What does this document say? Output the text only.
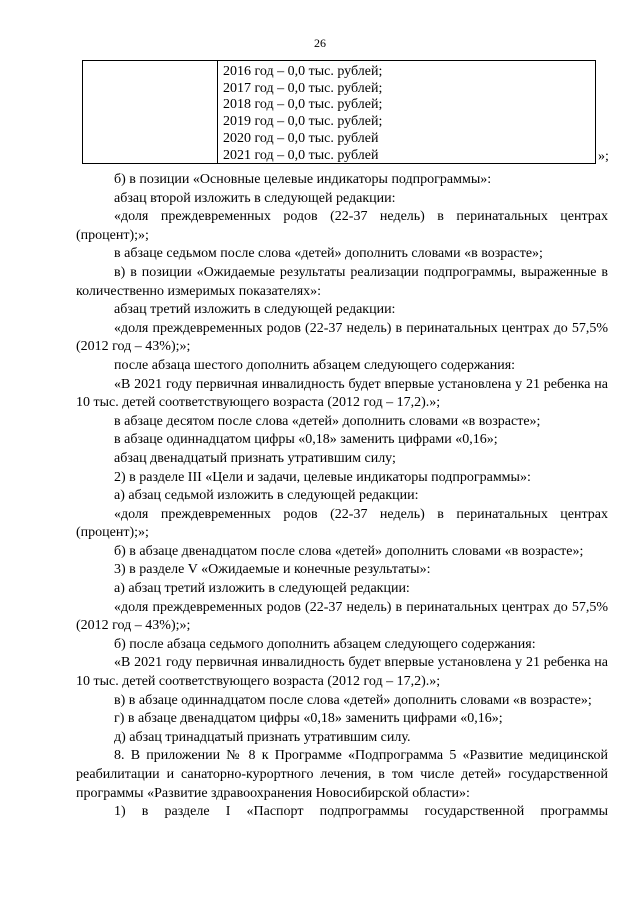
26
2016 год – 0,0 тыс. рублей;
2017 год – 0,0 тыс. рублей;
2018 год – 0,0 тыс. рублей;
2019 год – 0,0 тыс. рублей;
2020 год – 0,0 тыс. рублей
2021 год – 0,0 тыс. рублей	»;

б) в позиции «Основные целевые индикаторы подпрограммы»:

абзац второй изложить в следующей редакции:

«доля преждевременных родов (22-37 недель) в перинатальных центрах (процент);»;

в абзаце седьмом после слова «детей» дополнить словами «в возрасте»;

в) в позиции «Ожидаемые результаты реализации подпрограммы, выраженные в количественно измеримых показателях»:

абзац третий изложить в следующей редакции:

«доля преждевременных родов (22-37 недель) в перинатальных центрах до 57,5% (2012 год – 43%);»;

после абзаца шестого дополнить абзацем следующего содержания:

«В 2021 году первичная инвалидность будет впервые установлена у 21 ребенка на 10 тыс. детей соответствующего возраста (2012 год – 17,2).»;

в абзаце десятом после слова «детей» дополнить словами «в возрасте»;

в абзаце одиннадцатом цифры «0,18» заменить цифрами «0,16»;

абзац двенадцатый признать утратившим силу;

2) в разделе III «Цели и задачи, целевые индикаторы подпрограммы»:

а) абзац седьмой изложить в следующей редакции:

«доля преждевременных родов (22-37 недель) в перинатальных центрах (процент);»;

б) в абзаце двенадцатом после слова «детей» дополнить словами «в возрасте»;

3) в разделе V «Ожидаемые и конечные результаты»:

а) абзац третий изложить в следующей редакции:

«доля преждевременных родов (22-37 недель) в перинатальных центрах до 57,5% (2012 год – 43%);»;

б) после абзаца седьмого дополнить абзацем следующего содержания:

«В 2021 году первичная инвалидность будет впервые установлена у 21 ребенка на 10 тыс. детей соответствующего возраста (2012 год – 17,2).»;

в) в абзаце одиннадцатом после слова «детей» дополнить словами «в возрасте»;

г) в абзаце двенадцатом цифры «0,18» заменить цифрами «0,16»;

д) абзац тринадцатый признать утратившим силу.

8. В приложении № 8 к Программе «Подпрограмма 5 «Развитие медицинской реабилитации и санаторно-курортного лечения, в том числе детей» государственной программы «Развитие здравоохранения Новосибирской области»:

1) в разделе I «Паспорт подпрограммы государственной программы
